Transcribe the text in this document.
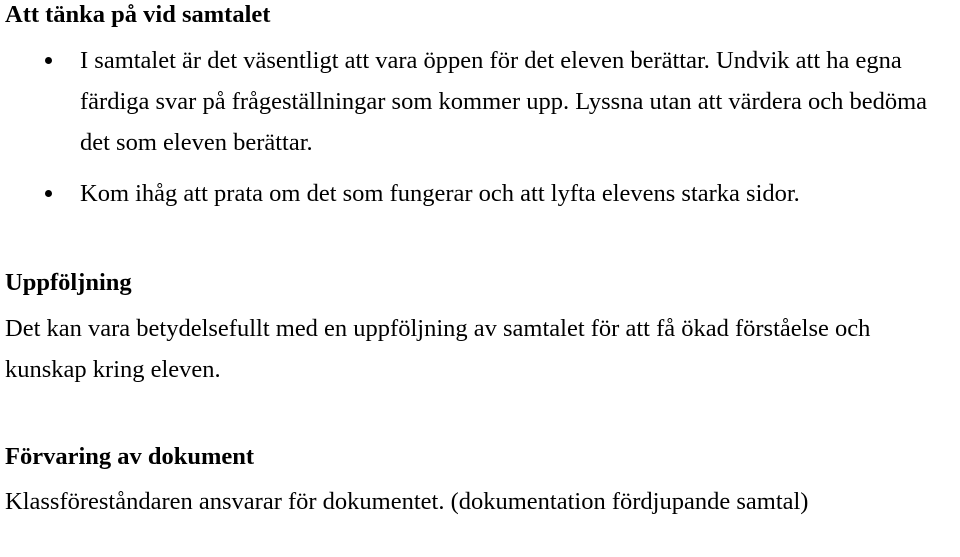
Att tänka på vid samtalet
I samtalet är det väsentligt att vara öppen för det eleven berättar. Undvik att ha egna färdiga svar på frågeställningar som kommer upp. Lyssna utan att värdera och bedöma det som eleven berättar.
Kom ihåg att prata om det som fungerar och att lyfta elevens starka sidor.
Uppföljning

Det kan vara betydelsefullt med en uppföljning av samtalet för att få ökad förståelse och kunskap kring eleven.

Förvaring av dokument

Klassföreståndaren ansvarar för dokumentet. (dokumentation fördjupande samtal)
